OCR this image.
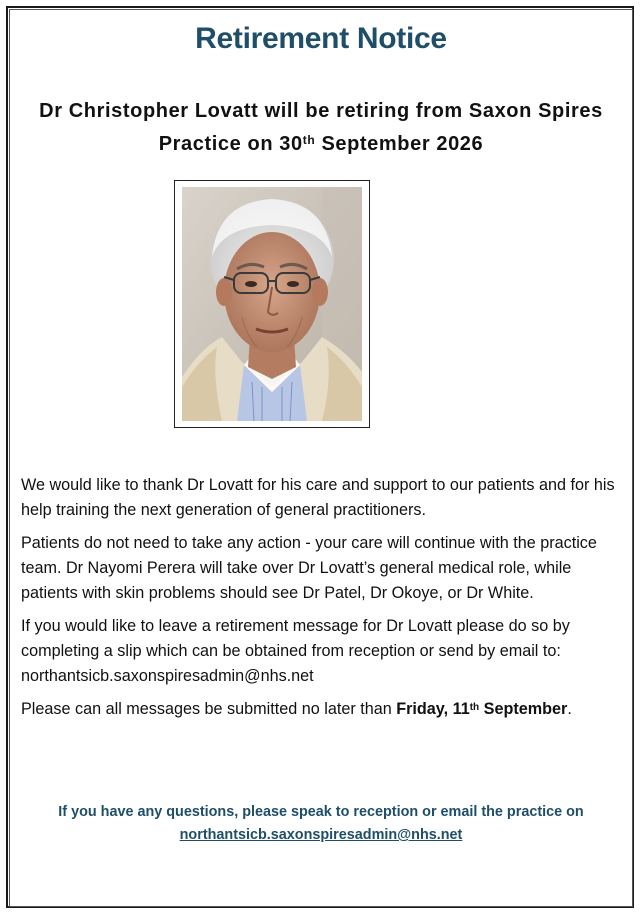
Retirement Notice
Dr Christopher Lovatt will be retiring from Saxon Spires Practice on 30th September 2026

We would like to thank Dr Lovatt for his care and support to our patients and for his help training the next generation of general practitioners.

Patients do not need to take any action - your care will continue with the practice team. Dr Nayomi Perera will take over Dr Lovatt’s general medical role, while patients with skin problems should see Dr Patel, Dr Okoye, or Dr White.

If you would like to leave a retirement message for Dr Lovatt please do so by completing a slip which can be obtained from reception or send by email to:
northantsicb.saxonspiresadmin@nhs.net

Please can all messages be submitted no later than Friday, 11th September.

If you have any questions, please speak to reception or email the practice on
northantsicb.saxonspiresadmin@nhs.net
